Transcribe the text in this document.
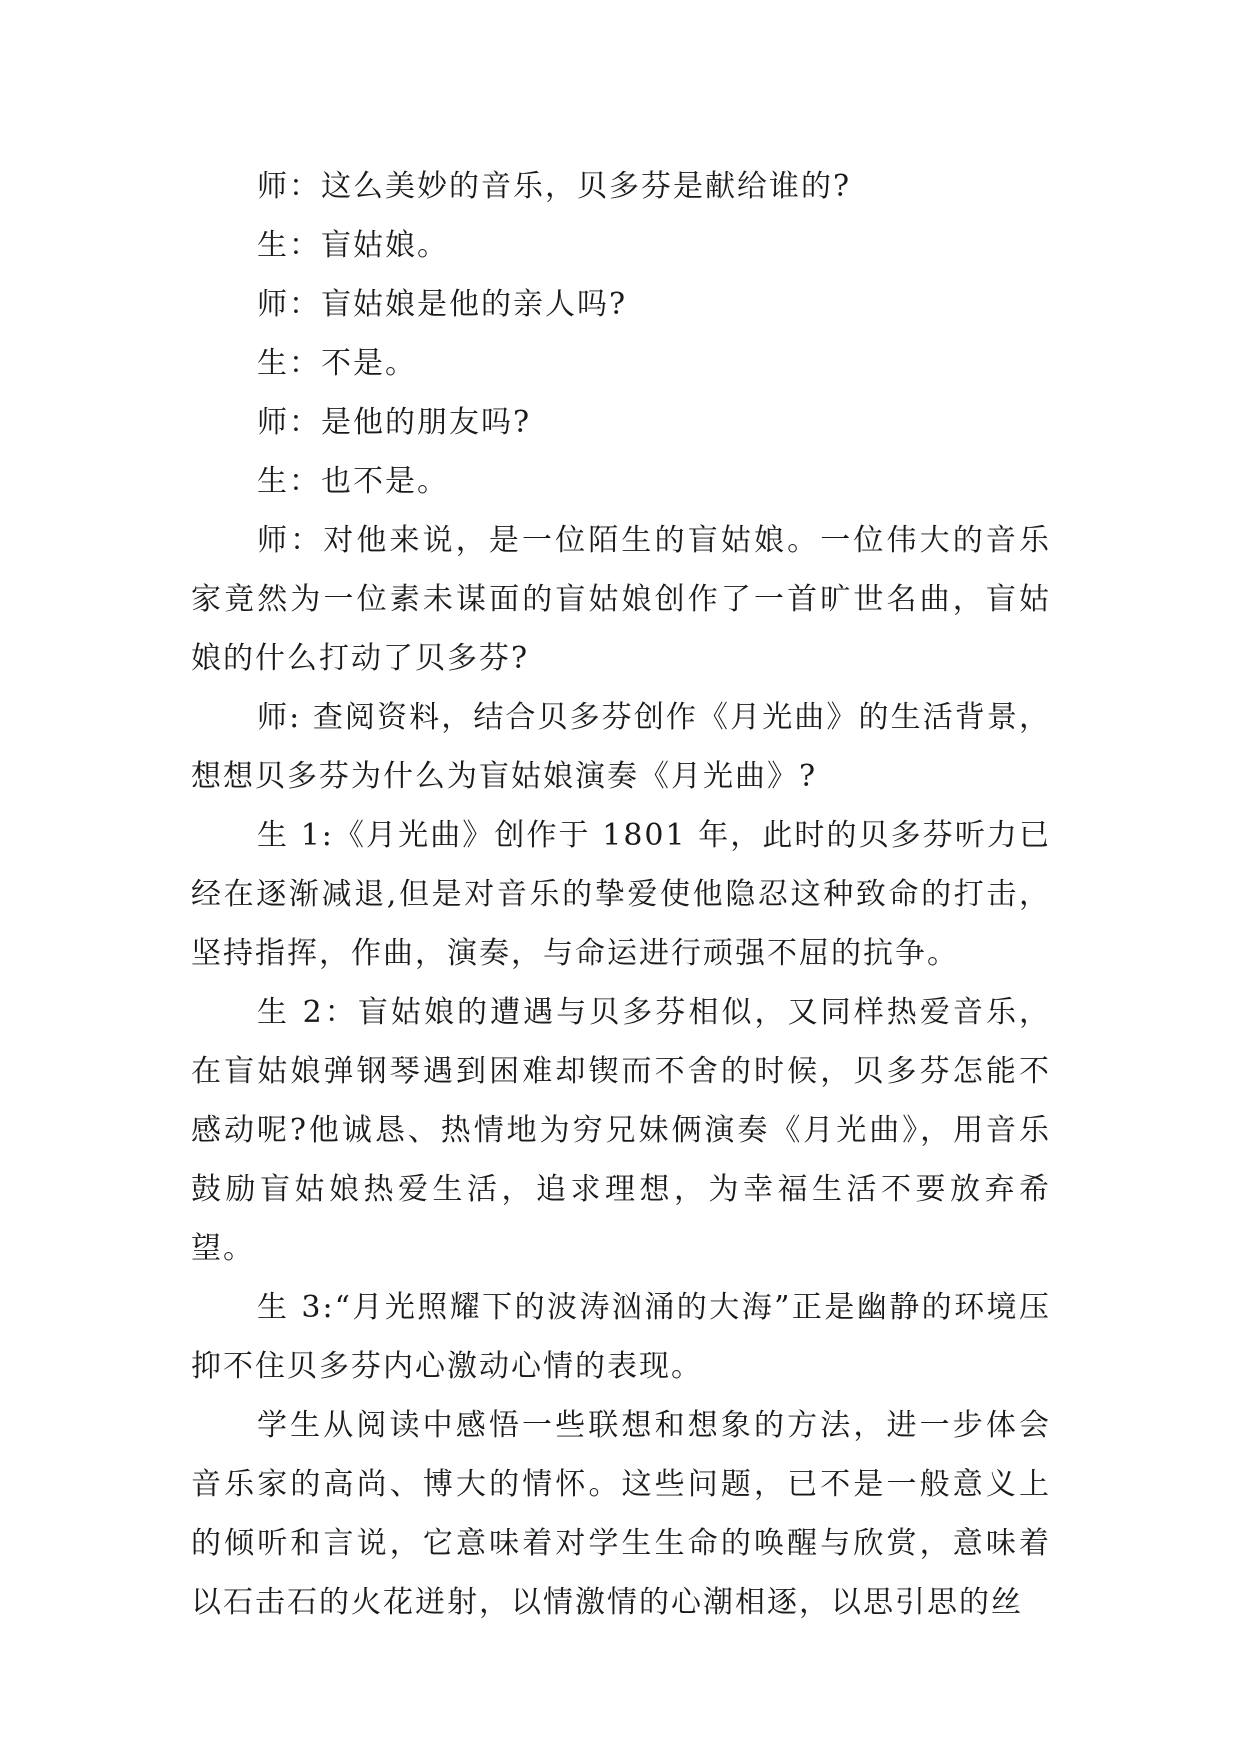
师：这么美妙的音乐，贝多芬是献给谁的?

生：盲姑娘。

师：盲姑娘是他的亲人吗?

生：不是。

师：是他的朋友吗?

生：也不是。

师：对他来说，是一位陌生的盲姑娘。一位伟大的音乐家竟然为一位素未谋面的盲姑娘创作了一首旷世名曲，盲姑娘的什么打动了贝多芬?

师: 查阅资料，结合贝多芬创作《月光曲》的生活背景，想想贝多芬为什么为盲姑娘演奏《月光曲》?

生 1:《月光曲》创作于 1801 年，此时的贝多芬听力已经在逐渐减退,但是对音乐的挚爱使他隐忍这种致命的打击，坚持指挥，作曲，演奏，与命运进行顽强不屈的抗争。

生 2：盲姑娘的遭遇与贝多芬相似，又同样热爱音乐，在盲姑娘弹钢琴遇到困难却锲而不舍的时候，贝多芬怎能不感动呢?他诚恳、热情地为穷兄妹俩演奏《月光曲》，用音乐鼓励盲姑娘热爱生活，追求理想，为幸福生活不要放弃希望。

生 3:“月光照耀下的波涛汹涌的大海”正是幽静的环境压抑不住贝多芬内心激动心情的表现。

学生从阅读中感悟一些联想和想象的方法，进一步体会音乐家的高尚、博大的情怀。这些问题，已不是一般意义上的倾听和言说，它意味着对学生生命的唤醒与欣赏，意味着以石击石的火花迸射，以情激情的心潮相逐，以思引思的丝
